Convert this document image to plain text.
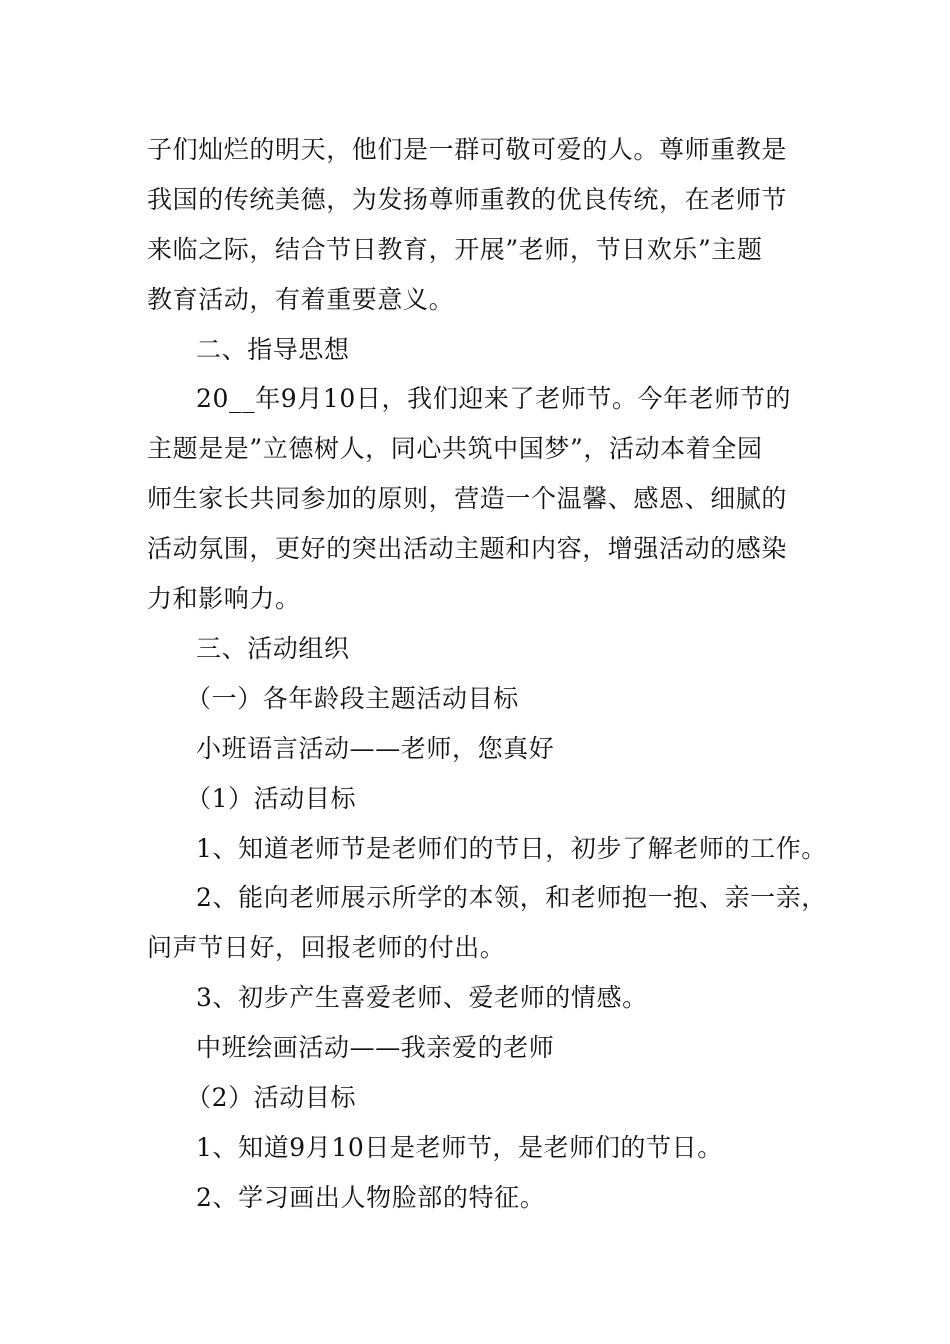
子们灿烂的明天，他们是一群可敬可爱的人。尊师重教是
我国的传统美德，为发扬尊师重教的优良传统，在老师节
来临之际，结合节日教育，开展”老师，节日欢乐”主题
教育活动，有着重要意义。
二、指导思想
20__年9月10日，我们迎来了老师节。今年老师节的
主题是是”立德树人，同心共筑中国梦”，活动本着全园
师生家长共同参加的原则，营造一个温馨、感恩、细腻的
活动氛围，更好的突出活动主题和内容，增强活动的感染
力和影响力。
三、活动组织
（一）各年龄段主题活动目标
小班语言活动——老师，您真好
（1）活动目标
1、知道老师节是老师们的节日，初步了解老师的工作。
2、能向老师展示所学的本领，和老师抱一抱、亲一亲，
问声节日好，回报老师的付出。
3、初步产生喜爱老师、爱老师的情感。
中班绘画活动——我亲爱的老师
（2）活动目标
1、知道9月10日是老师节，是老师们的节日。
2、学习画出人物脸部的特征。
